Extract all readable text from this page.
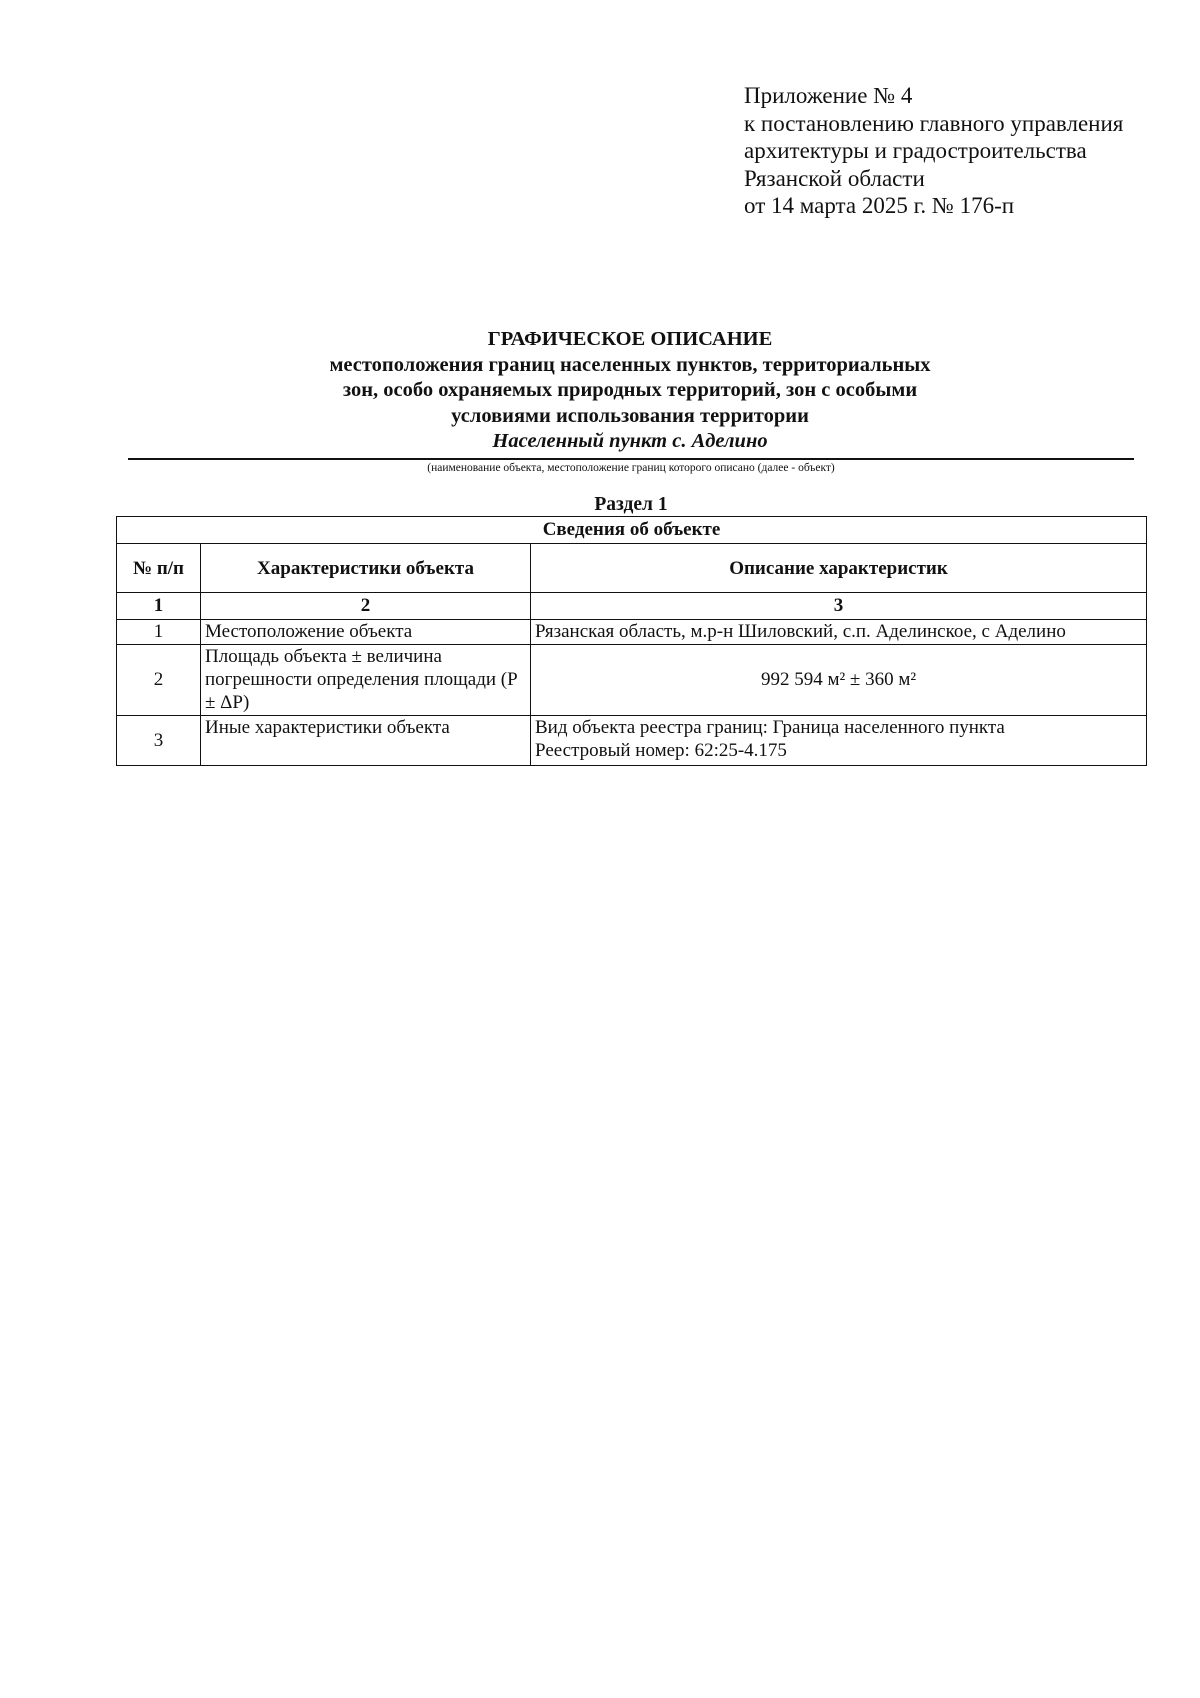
Приложение № 4
к постановлению главного управления
архитектуры и градостроительства
Рязанской области
от 14 марта 2025 г. № 176-п
ГРАФИЧЕСКОЕ ОПИСАНИЕ
местоположения границ населенных пунктов, территориальных
зон, особо охраняемых природных территорий, зон с особыми
условиями использования территории
Населенный пункт с. Аделино
(наименование объекта, местоположение границ которого описано (далее - объект)
Раздел 1
Сведения об объекте		
№ п/п	Характеристики объекта	Описание характеристик
1	2	3
1	Местоположение объекта	Рязанская область, м.р-н Шиловский, с.п. Аделинское, с Аделино
2	Площадь объекта ± величина погрешности определения площади (Р ± ΔР)	992 594 м² ± 360 м²
3	Иные характеристики объекта	Вид объекта реестра границ: Граница населенного пункта
Реестровый номер: 62:25-4.175
